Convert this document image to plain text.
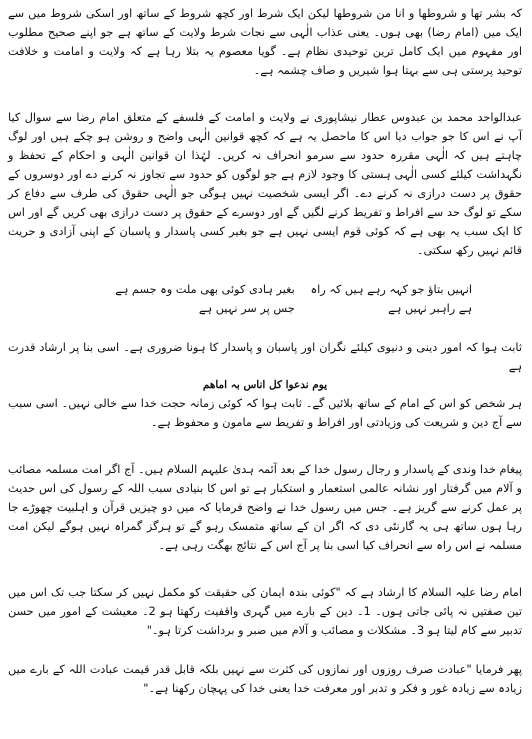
کہ بشر تھا و شروطھا و انا من شروطھا لیکن ایک شرط اور کچھ شروط کے ساتھ اور اسکی شروط میں سے ایک میں (امام رضا) بھی ہوں۔ یعنی عذاب الٰہی سے نجات شرط ولایت کے ساتھ ہے جو اپنے صحیح مطلوب اور مفہوم میں ایک کامل ترین توحیدی نظام ہے۔ گویا معصوم یہ بتلا رہا ہے کہ ولایت و امامت و خلافت توحید پرستی ہی سے بہتا ہوا شیریں و صاف چشمہ ہے۔

عبدالواحد محمد بن عبدوس عطار نیشاپوری نے ولایت و امامت کے فلسفے کے متعلق امام رضا سے سوال کیا آپ نے اس کا جو جواب دیا اس کا ماحصل یہ ہے کہ کچھ قوانین الٰہی واضح و روشن ہو چکے ہیں اور لوگ چاہتے ہیں کہ الٰہی مقررہ حدود سے سرمو انحراف نہ کریں۔ لہٰذا ان قوانین الٰہی و احکام کے تحفظ و نگہداشت کیلئے کسی الٰہی ہستی کا وجود لازم ہے جو لوگوں کو حدود سے تجاوز نہ کرنے دے اور دوسروں کے حقوق پر دست درازی نہ کرنے دے۔ اگر ایسی شخصیت نہیں ہوگی جو الٰہی حقوق کی طرف سے دفاع کر سکے تو لوگ حد سے افراط و تفریط کرنے لگیں گے اور دوسرے کے حقوق پر دست درازی بھی کریں گے اور اس کا ایک سبب یہ بھی ہے کہ کوئی قوم ایسی نہیں ہے جو بغیر کسی پاسدار و پاسبان کے اپنی آزادی و حریت قائم نہیں رکھ سکتی۔

انہیں بتاؤ جو کہہ رہے ہیں کہ راہ ہے راہبر نہیں ہے
بغیر ہادی کوئی بھی ملت وہ جسم ہے جس پر سر نہیں ہے

ثابت ہوا کہ امور دینی و دنیوی کیلئے نگران اور پاسبان و پاسدار کا ہونا ضروری ہے۔ اسی بنا پر ارشاد قدرت ہے

یوم ندعوا کل اناس بہ اماھم

ہر شخص کو اس کے امام کے ساتھ بلائیں گے۔ ثابت ہوا کہ کوئی زمانہ حجت خدا سے خالی نہیں۔ اسی سبب سے آج دین و شریعت کی وزیادتی اور افراط و تفریط سے مامون و محفوظ ہے۔

پیغام خدا وندی کے پاسدار و رجال رسول خدا کے بعد آئمہ ہدیٰ علیہم السلام ہیں۔ آج اگر امت مسلمہ مصائب و آلام میں گرفتار اور نشانہ عالمی استعمار و استکبار ہے تو اس کا بنیادی سبب اللہ کے رسول کی اس حدیث پر عمل کرنے سے گریز ہے۔ جس میں رسول خدا نے واضح فرمایا کہ میں دو چیزیں قرآن و اہلبیت چھوڑے جا رہا ہوں ساتھ ہی یہ گارنٹی دی کہ اگر ان کے ساتھ متمسک رہو گے تو ہرگز گمراہ نہیں ہوگے لیکن امت مسلمہ نے اس راہ سے انحراف کیا اسی بنا پر آج اس کے نتائج بھگت رہی ہے۔

امام رضا علیہ السلام کا ارشاد ہے کہ "کوئی بندہ ایمان کی حقیقت کو مکمل نہیں کر سکتا جب تک اس میں تین صفتیں نہ پائی جاتی ہوں۔ 1۔ دین کے بارے میں گہری واقفیت رکھتا ہو 2۔ معیشت کے امور میں حسن تدبیر سے کام لیتا ہو 3۔ مشکلات و مصائب و آلام میں صبر و برداشت کرتا ہو۔"

پھر فرمایا "عبادت صرف روزوں اور نمازوں کی کثرت سے نہیں بلکہ قابل قدر قیمت عبادت اللہ کے بارے میں زیادہ سے زیادہ غور و فکر و تدبر اور معرفت خدا یعنی خدا کی پہچان رکھنا ہے۔"
